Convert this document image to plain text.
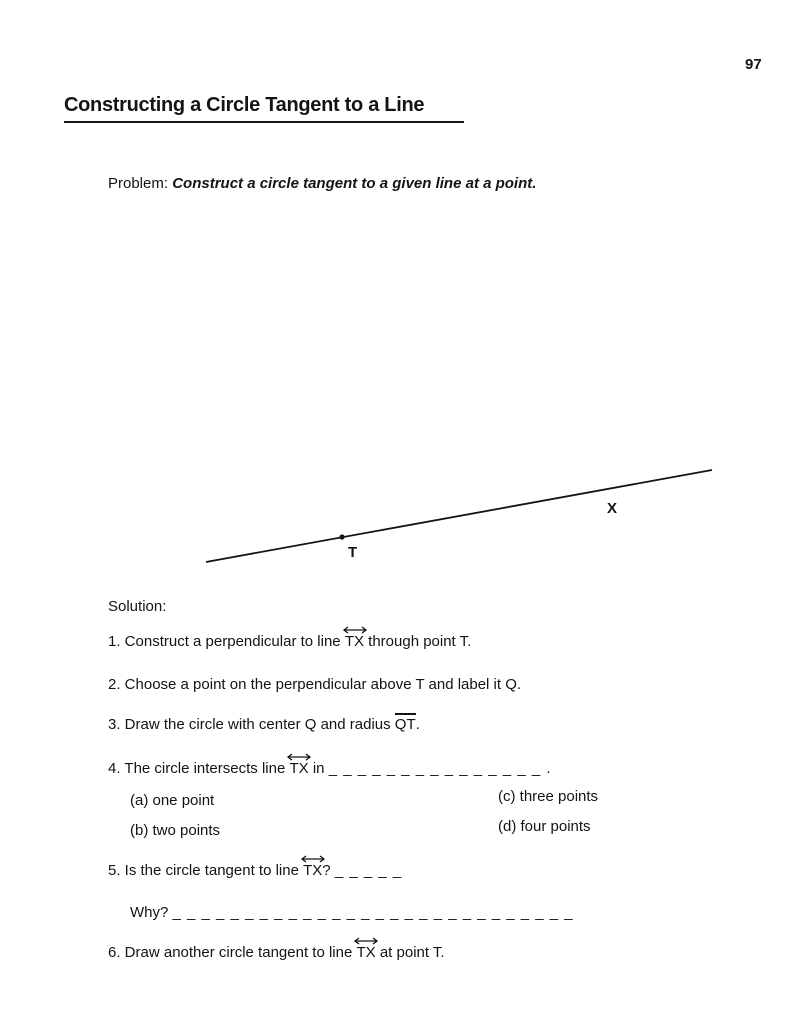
97
Constructing a Circle Tangent to a Line
Problem: Construct a circle tangent to a given line at a point.
T
X
Solution:
1. Construct a perpendicular to line TX through point T.
2. Choose a point on the perpendicular above T and label it Q.
3. Draw the circle with center Q and radius QT.
4. The circle intersects line TX in _ _ _ _ _ _ _ _ _ _ _ _ _ _ _ .
(a) one point	(c) three points
(b) two points	(d) four points
5. Is the circle tangent to line TX? _ _ _ _ _
Why? _ _ _ _ _ _ _ _ _ _ _ _ _ _ _ _ _ _ _ _ _ _ _ _ _ _ _ _
6. Draw another circle tangent to line TX at point T.
